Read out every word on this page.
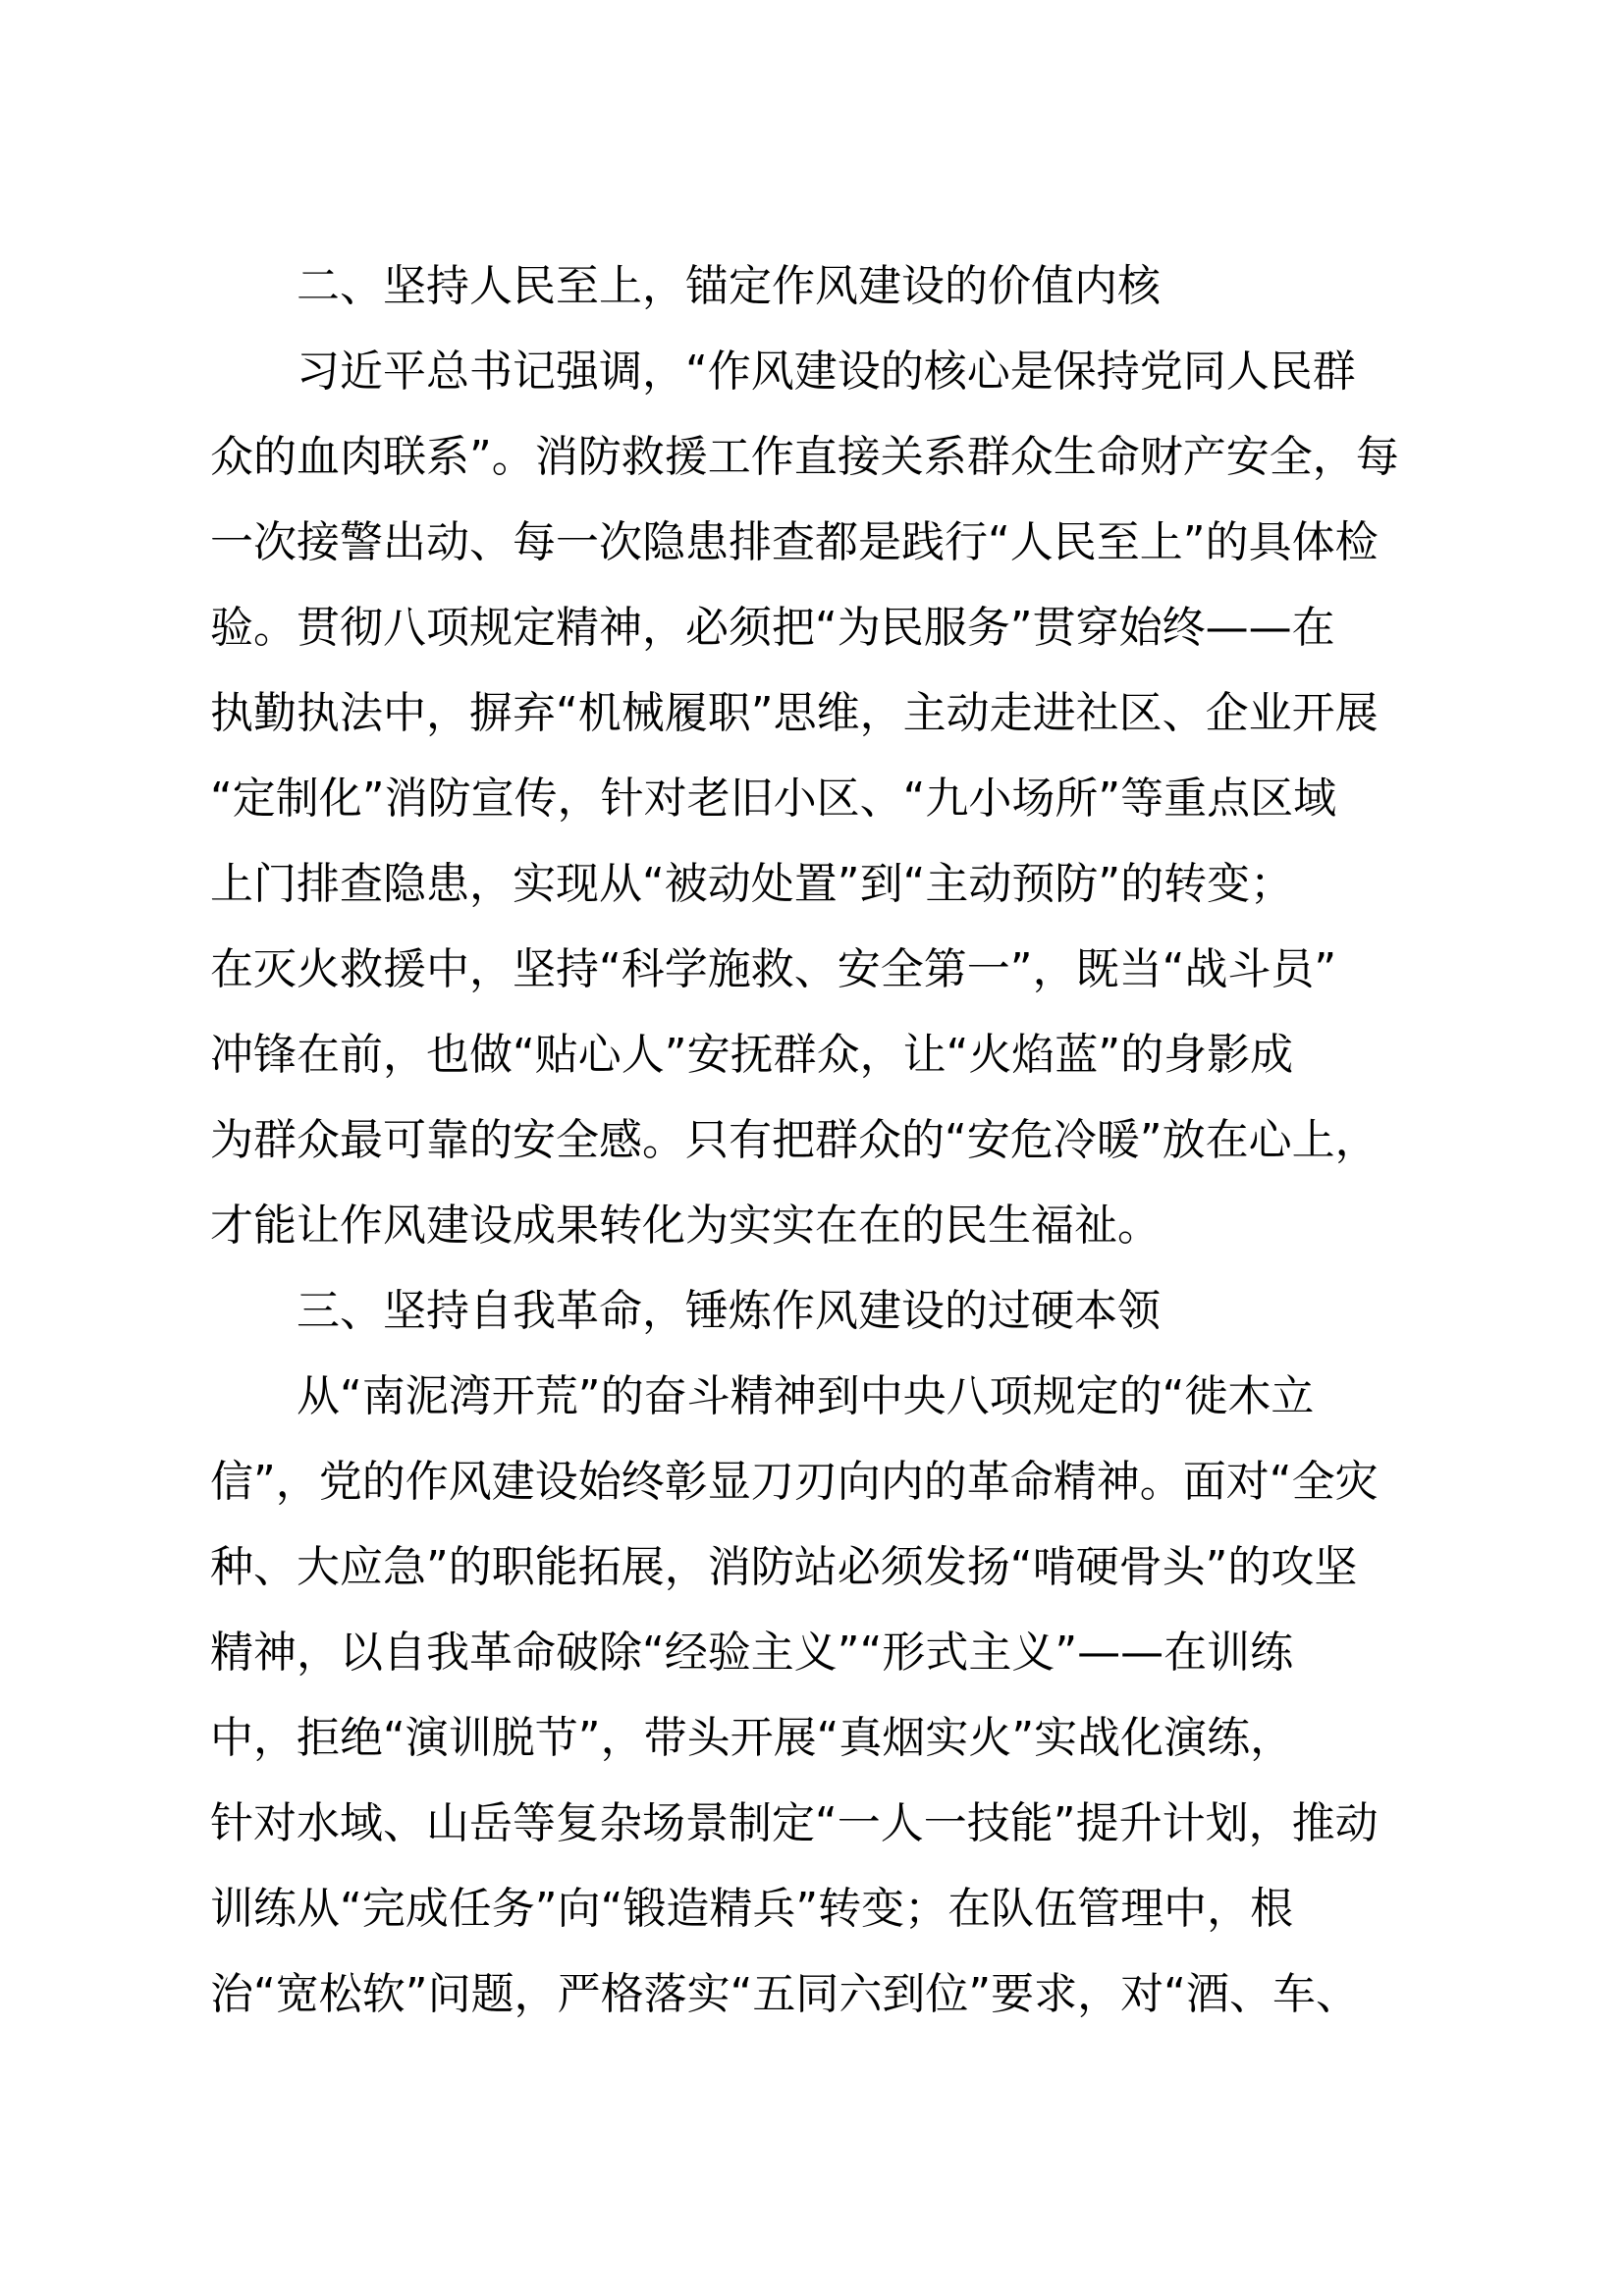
二、坚持人民至上，锚定作风建设的价值内核
习近平总书记强调，“作风建设的核心是保持党同人民群
众的血肉联系”。消防救援工作直接关系群众生命财产安全，每
一次接警出动、每一次隐患排查都是践行“人民至上”的具体检
验。贯彻八项规定精神，必须把“为民服务”贯穿始终——在
执勤执法中，摒弃“机械履职”思维，主动走进社区、企业开展
“定制化”消防宣传，针对老旧小区、“九小场所”等重点区域
上门排查隐患，实现从“被动处置”到“主动预防”的转变；
在灭火救援中，坚持“科学施救、安全第一”，既当“战斗员”
冲锋在前，也做“贴心人”安抚群众，让“火焰蓝”的身影成
为群众最可靠的安全感。只有把群众的“安危冷暖”放在心上，
才能让作风建设成果转化为实实在在的民生福祉。
三、坚持自我革命，锤炼作风建设的过硬本领
从“南泥湾开荒”的奋斗精神到中央八项规定的“徙木立
信”，党的作风建设始终彰显刀刃向内的革命精神。面对“全灾
种、大应急”的职能拓展，消防站必须发扬“啃硬骨头”的攻坚
精神，以自我革命破除“经验主义”“形式主义”——在训练
中，拒绝“演训脱节”，带头开展“真烟实火”实战化演练，
针对水域、山岳等复杂场景制定“一人一技能”提升计划，推动
训练从“完成任务”向“锻造精兵”转变；在队伍管理中，根
治“宽松软”问题，严格落实“五同六到位”要求，对“酒、车、
